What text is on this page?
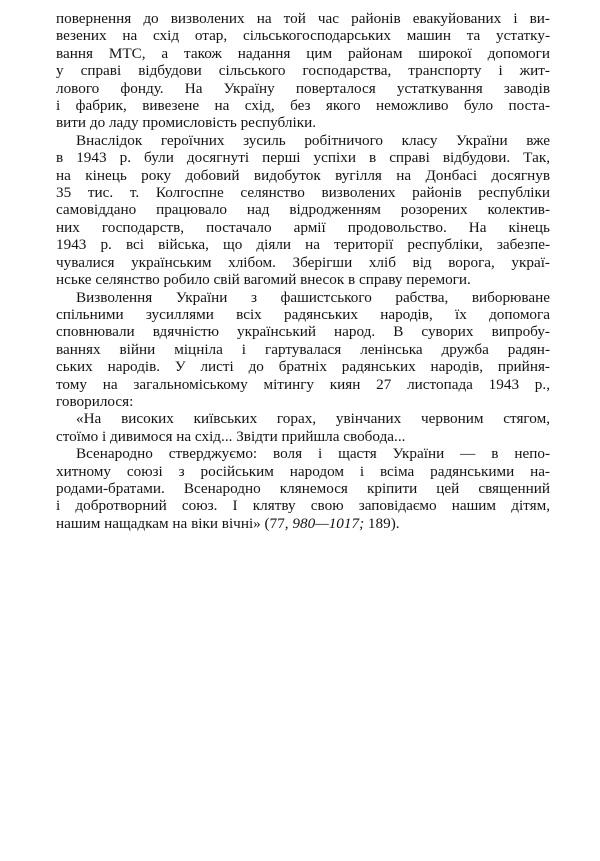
повернення до визволених на той час районів евакуйованих і ви-
везених на схід отар, сільськогосподарських машин та устатку-
вання МТС, а також надання цим районам широкої допомоги
у справі відбудови сільського господарства, транспорту і жит-
лового фонду. На Україну поверталося устаткування заводів
і фабрик, вивезене на схід, без якого неможливо було поста-
вити до ладу промисловість республіки.
Внаслідок героїчних зусиль робітничого класу України вже
в 1943 р. були досягнуті перші успіхи в справі відбудови. Так,
на кінець року добовий видобуток вугілля на Донбасі досягнув
35 тис. т. Колгоспне селянство визволених районів республіки
самовіддано працювало над відродженням розорених колектив-
них господарств, постачало армії продовольство. На кінець
1943 р. всі війська, що діяли на території республіки, забезпе-
чувалися українським хлібом. Зберігши хліб від ворога, украї-
нське селянство робило свій вагомий внесок в справу перемоги.
Визволення України з фашистського рабства, виборюване
спільними зусиллями всіх радянських народів, їх допомога
сповнювали вдячністю український народ. В суворих випробу-
ваннях війни міцніла і гартувалася ленінська дружба радян-
ських народів. У листі до братніх радянських народів, прийня-
тому на загальноміському мітингу киян 27 листопада 1943 р.,
говорилося:
«На високих київських горах, увінчаних червоним стягом,
стоїмо і дивимося на схід... Звідти прийшла свобода...
Всенародно стверджуємо: воля і щастя України — в непо-
хитному союзі з російським народом і всіма радянськими на-
родами-братами. Всенародно клянемося кріпити цей священний
і добротворний союз. І клятву свою заповідаємо нашим дітям,
нашим нащадкам на віки вічні» (77, 980—1017; 189).
